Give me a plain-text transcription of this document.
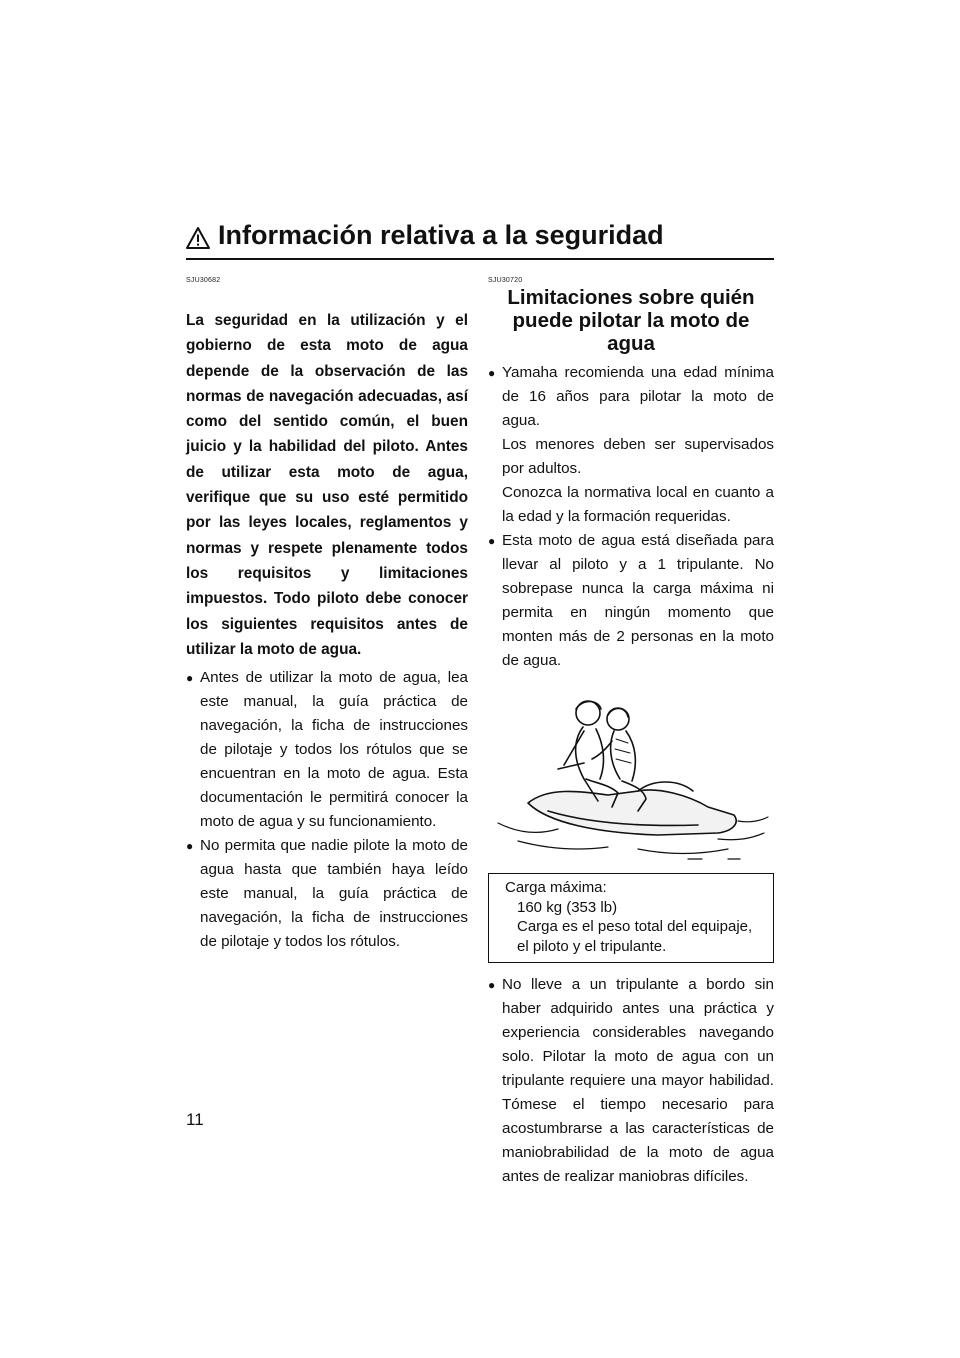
Información relativa a la seguridad
SJU30682
La seguridad en la utilización y el gobierno de esta moto de agua depende de la observación de las normas de navegación adecuadas, así como del sentido común, el buen juicio y la habilidad del piloto. Antes de utilizar esta moto de agua, verifique que su uso esté permitido por las leyes locales, reglamentos y normas y respete plenamente todos los requisitos y limitaciones impuestos. Todo piloto debe conocer los siguientes requisitos antes de utilizar la moto de agua.
● Antes de utilizar la moto de agua, lea este manual, la guía práctica de navegación, la ficha de instrucciones de pilotaje y todos los rótulos que se encuentran en la moto de agua. Esta documentación le permitirá conocer la moto de agua y su funcionamiento.

● No permita que nadie pilote la moto de agua hasta que también haya leído este manual, la guía práctica de navegación, la ficha de instrucciones de pilotaje y todos los rótulos.

SJU30720
Limitaciones sobre quién
puede pilotar la moto de agua
● Yamaha recomienda una edad mínima de 16 años para pilotar la moto de agua.

Los menores deben ser supervisados por adultos.

Conozca la normativa local en cuanto a la edad y la formación requeridas.

● Esta moto de agua está diseñada para llevar al piloto y a 1 tripulante. No sobrepase nunca la carga máxima ni permita en ningún momento que monten más de 2 personas en la moto de agua.

Carga máxima:
160 kg (353 lb)
Carga es el peso total del equipaje, el piloto y el tripulante.
● No lleve a un tripulante a bordo sin haber adquirido antes una práctica y experiencia considerables navegando solo. Pilotar la moto de agua con un tripulante requiere una mayor habilidad. Tómese el tiempo necesario para acostumbrarse a las características de maniobrabilidad de la moto de agua antes de realizar maniobras difíciles.

11
